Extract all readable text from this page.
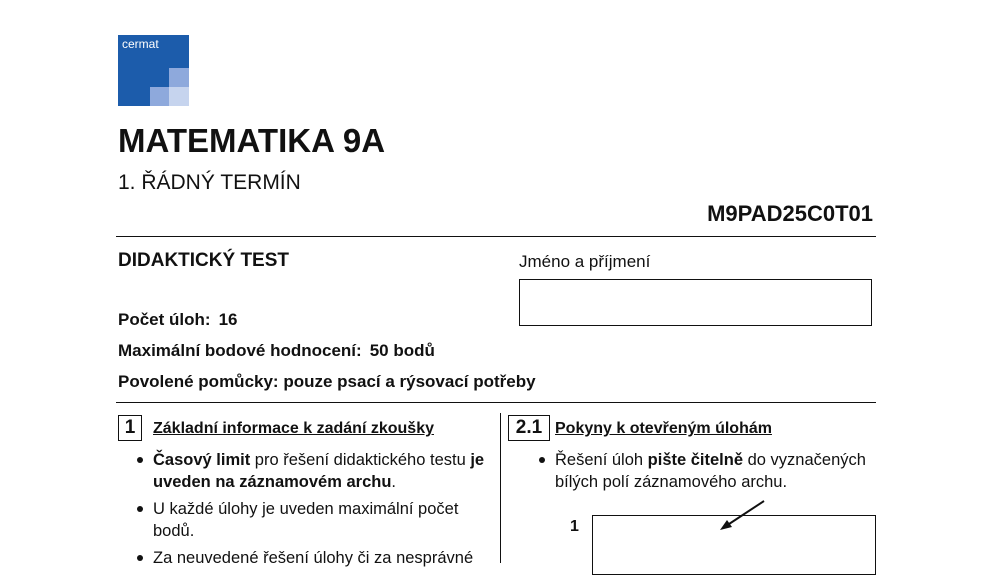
cermat
MATEMATIKA 9A
1. ŘÁDNÝ TERMÍN
M9PAD25C0T01
DIDAKTICKÝ TEST	Jméno a příjmení
Počet úloh: 16
Maximální bodové hodnocení: 50 bodů
Povolené pomůcky: pouze psací a rýsovací potřeby
1	Základní informace k zadání zkoušky
Časový limit pro řešení didaktického testu je uveden na záznamovém archu.
U každé úlohy je uveden maximální počet bodů.
Za neuvedené řešení úlohy či za nesprávné
2.1 Pokyny k otevřeným úlohám
Řešení úloh pište čitelně do vyznačených bílých polí záznamového archu.
1
